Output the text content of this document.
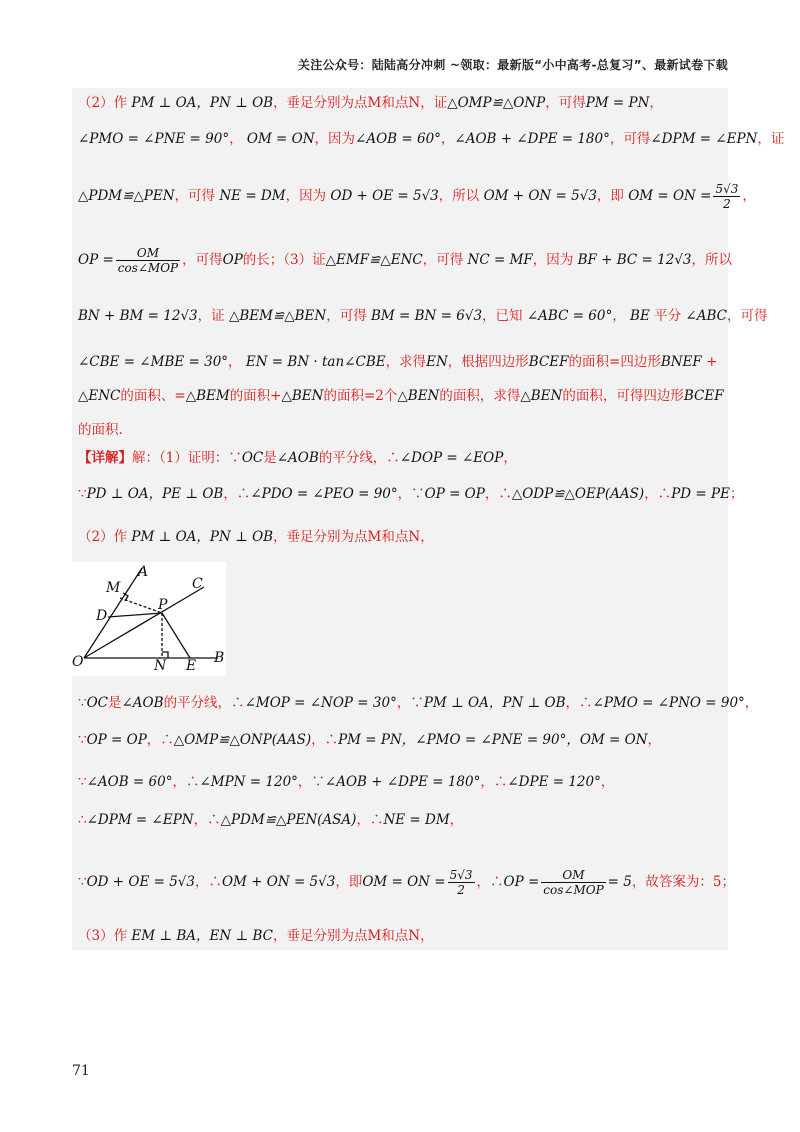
关注公众号：陆陆高分冲刺 ~领取：最新版“小中高考-总复习”、最新试卷下载
（2）作 PM ⊥ OA，PN ⊥ OB，垂足分别为点M和点N，证△OMP≌△ONP，可得PM = PN，
∠PMO = ∠PNE = 90°， OM = ON，因为∠AOB = 60°，∠AOB + ∠DPE = 180°，可得∠DPM = ∠EPN，证
△PDM≌△PEN，可得 NE = DM，因为 OD + OE = 5√3，所以 OM + ON = 5√3，即 OM = ON = $\frac{5√3}{2}$ ，
OP = $\frac{OM}{\text{cos∠MOP}}$ ，可得OP的长；（3）证△EMF≌△ENC，可得 NC = MF，因为 BF + BC = 12√3，所以
BN + BM = 12√3，证 △BEM≌△BEN，可得 BM = BN = 6√3，已知 ∠ABC = 60°， BE 平分 ∠ABC，可得
∠CBE = ∠MBE = 30°， EN = BN · tan∠CBE，求得EN，根据四边形BCEF的面积=四边形BNEF +
△ENC的面积、=△BEM的面积+△BEN的面积=2个△BEN的面积，求得△BEN的面积，可得四边形BCEF
的面积.
【详解】解：（1）证明：∵OC是∠AOB的平分线，∴∠DOP = ∠EOP，
∵PD ⊥ OA，PE ⊥ OB，∴∠PDO = ∠PEO = 90°，∵OP = OP，∴△ODP≌△OEP(AAS)，∴PD = PE；
（2）作 PM ⊥ OA，PN ⊥ OB，垂足分别为点M和点N，
A
M	C
D
P
O	N E B
∵OC是∠AOB的平分线，∴∠MOP = ∠NOP = 30°，∵PM ⊥ OA，PN ⊥ OB，∴∠PMO = ∠PNO = 90°，
∵OP = OP，∴△OMP≌△ONP(AAS)，∴PM = PN，∠PMO = ∠PNE = 90°，OM = ON，
∵∠AOB = 60°，∴∠MPN = 120°，∵∠AOB + ∠DPE = 180°，∴∠DPE = 120°，
∴∠DPM = ∠EPN，∴△PDM≌△PEN(ASA)，∴NE = DM，
∵OD + OE = 5√3，∴OM + ON = 5√3，即OM = ON = $\frac{5√3}{2}$ ，∴OP = $\frac{OM}{\text{cos∠MOP}} = 5$，故答案为：5；
（3）作 EM ⊥ BA，EN ⊥ BC，垂足分别为点M和点N，
71
